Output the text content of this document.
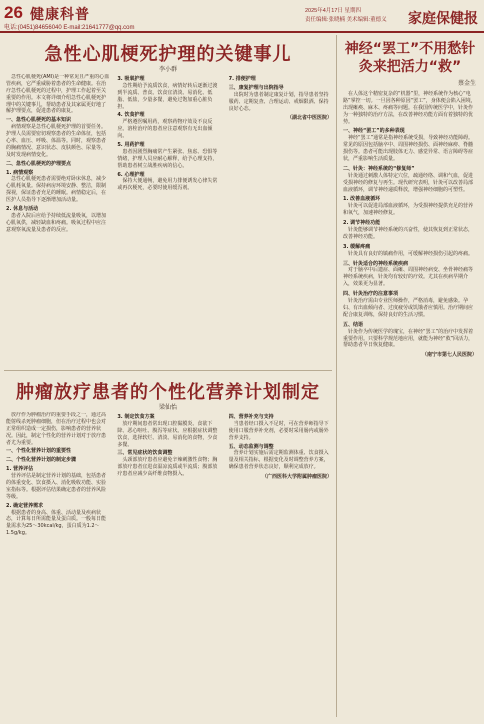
26 健康科普
电话:(0451)84656040 E-mail:21641777@qq.com
2025年4月17日 星期四
责任编辑:张晓楠 美术编辑:董德义 家庭保健报
急性心肌梗死护理的关键事儿
李小群

急性心肌梗死(AMI)是一种常见且严重的心血管疾病，它严重威胁着患者的生命健康。在治疗急性心肌梗死的过程中，护理工作起着至关重要的作用。本文将详细介绍急性心肌梗死护理中的关键事儿，帮助患者及其家属更好地了解护理要点，促进患者的康复。

一、急性心肌梗死的基本知识

病情观察是急性心肌梗死护理的首要任务。护理人员需要密切观察患者的生命体征，包括心率、血压、呼吸、体温等。同时，观察患者的胸痛情况、意识状态、皮肤颜色、尿量等，及时发现病情变化。

二、急性心肌梗死的护理要点
1. 病情观察

急性心肌梗死患者需要绝对卧床休息，减少心肌耗氧量。保持病房环境安静、整洁，限制探视，保证患者充足的睡眠。病情稳定后，在医护人员指导下逐渐增加活动量。

2. 休息与活动

患者入院后应给予持续低流量吸氧，以增加心肌氧供，减轻缺血和疼痛。吸氧过程中应注意观察氧流量及患者的反应。

3. 吸氧护理

急性期给予流质饮食，病情好转后逐渐过渡到半流质、普食。饮食宜清淡、易消化、低脂、低盐，少量多餐，避免过饱加重心脏负担。

4. 饮食护理

严格遵医嘱用药，观察药物疗效及不良反应。溶栓治疗的患者应注意观察有无出血倾向。

5. 用药护理

患者因剧烈胸痛常产生紧张、焦虑、恐惧等情绪，护理人员应耐心解释，给予心理支持，帮助患者树立战胜疾病的信心。

6. 心理护理

保持大便通畅，避免用力排便诱发心律失常或再次梗死，必要时使用缓泻剂。

7. 排便护理
三、康复护理与出院指导

出院时为患者制定康复计划，指导患者坚持服药、定期复查、合理运动、戒烟限酒、保持良好心态。

（湖北省中医医院）
肿瘤放疗患者的个性化营养计划制定
梁仙怡

放疗作为肿瘤治疗的重要手段之一，通过高能射线杀死肿瘤细胞，但在治疗过程中也会对正常组织造成一定损伤，影响患者的营养状况。因此，制定个性化的营养计划对于放疗患者尤为重要。

一、个性化营养计划的重要性
二、个性化营养计划的制定步骤
1. 营养评估

营养评估是制定营养计划的基础，包括患者的体重变化、饮食摄入、消化吸收功能、实验室指标等。根据评估结果确定患者的营养风险等级。

2. 确定营养需求

根据患者的身高、体重、活动量及疾病状态，计算每日所需能量及蛋白质。一般每日能量需求为25～30kcal/kg，蛋白质为1.2～1.5g/kg。

3. 制定饮食方案

放疗期间患者常出现口腔黏膜炎、食欲下降、恶心呕吐、腹泻等症状。应根据症状调整饮食，选择软烂、清淡、易消化的食物，少食多餐。

三、常见症状的饮食调整

头颈部放疗患者应避免辛辣刺激性食物；胸部放疗患者宜进食温凉流质或半流质；腹部放疗患者应减少高纤维食物摄入。

四、营养补充与支持

当患者经口摄入不足时，可在营养师指导下使用口服营养补充剂，必要时采用肠内或肠外营养支持。

五、动态监测与调整

营养计划实施后需定期监测体重、饮食摄入量及相关指标，根据变化及时调整营养方案，确保患者营养状态良好，顺利完成放疗。

（广西医科大学附属肿瘤医院）
神经“罢工”不用愁针灸来把活力“救”
蔡金生

在人体这个精密复杂的“机器”里，神经系统作为核心“电路”掌控一切。一旦因各种原因“罢工”，身体便会陷入困境，出现瘫痪、麻木、疼痛等问题。在我国传统医学中，针灸作为一种独特的治疗方法，在改善神经功能方面有着独特的优势。

一、神经“罢工”的多种表现

神经“罢工”通常是指神经系统受损，导致神经功能障碍。常见的原因包括脑卒中、周围神经损伤、面神经麻痹、脊髓损伤等。患者可能出现肢体无力、感觉异常、语言障碍等症状，严重影响生活质量。

二、针灸：神经系统的“修复师”

针灸通过刺激人体特定穴位，疏通经络、调和气血，促进受损神经的修复与再生。现代研究表明，针灸可以改善局部血液循环，调节神经递质释放，增强神经细胞的可塑性。

1. 改善血液循环

针灸可以促进局部血液循环，为受损神经提供充足的营养和氧气，加速神经修复。

2. 调节神经功能

针灸能够调节神经系统的兴奋性，使其恢复到正常状态，改善神经功能。

3. 缓解疼痛

针灸具有良好的镇痛作用，可缓解神经损伤引起的疼痛。

三、针灸适合的神经系统疾病

对于脑卒中后遗症、面瘫、周围神经病变、坐骨神经痛等神经系统疾病，针灸均有较好的疗效。尤其在疾病早期介入，效果更为显著。

四、针灸治疗的注意事项

针灸治疗需由专业医师操作，严格消毒，避免感染。孕妇、有出血倾向者、过度疲劳或饥饿者应慎用。治疗期间应配合康复训练，保持良好的生活习惯。

五、结语

针灸作为传统医学的瑰宝，在神经“罢工”的治疗中发挥着重要作用。只要科学规范地应用，就能为神经“救”回活力，帮助患者早日恢复健康。

（南宁市第七人民医院）
